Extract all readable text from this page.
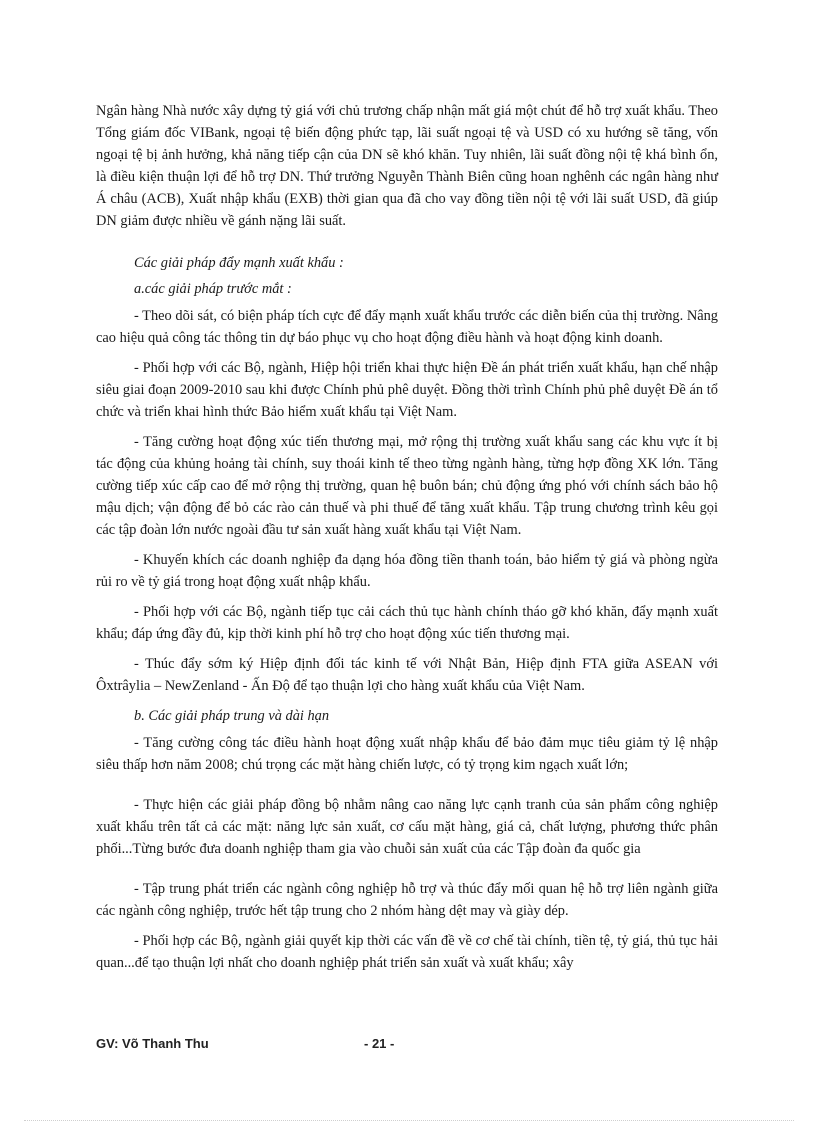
Ngân hàng Nhà nước xây dựng tỷ giá với chủ trương chấp nhận mất giá một chút để hỗ trợ xuất khẩu. Theo Tổng giám đốc VIBank, ngoại tệ biến động phức tạp, lãi suất ngoại tệ và USD có xu hướng sẽ tăng, vốn ngoại tệ bị ảnh hưởng, khả năng tiếp cận của DN sẽ khó khăn. Tuy nhiên, lãi suất đồng nội tệ khá bình ổn, là điều kiện thuận lợi để hỗ trợ DN. Thứ trưởng Nguyễn Thành Biên cũng hoan nghênh các ngân hàng như Á châu (ACB), Xuất nhập khẩu (EXB) thời gian qua đã cho vay đồng tiền nội tệ với lãi suất USD, đã giúp DN giảm được nhiều về gánh nặng lãi suất.

Các giải pháp đẩy mạnh xuất khẩu :

a.các giải pháp trước mắt :

- Theo dõi sát, có biện pháp tích cực để đẩy mạnh xuất khẩu trước các diễn biến của thị trường. Nâng cao hiệu quả công tác thông tin dự báo phục vụ cho hoạt động điều hành và hoạt động kinh doanh.

- Phối hợp với các Bộ, ngành, Hiệp hội triển khai thực hiện Đề án phát triển xuất khẩu, hạn chế nhập siêu giai đoạn 2009-2010 sau khi được Chính phủ phê duyệt. Đồng thời trình Chính phủ phê duyệt Đề án tổ chức và triển khai hình thức Bảo hiểm xuất khẩu tại Việt Nam.

- Tăng cường hoạt động xúc tiến thương mại, mở rộng thị trường xuất khẩu sang các khu vực ít bị tác động của khủng hoảng tài chính, suy thoái kinh tế theo từng ngành hàng, từng hợp đồng XK lớn. Tăng cường tiếp xúc cấp cao để mở rộng thị trường, quan hệ buôn bán; chủ động ứng phó với chính sách bảo hộ mậu dịch; vận động để bỏ các rào cản thuế và phi thuế để tăng xuất khẩu. Tập trung chương trình kêu gọi các tập đoàn lớn nước ngoài đầu tư sản xuất hàng xuất khẩu tại Việt Nam.

- Khuyến khích các doanh nghiệp đa dạng hóa đồng tiền thanh toán, bảo hiểm tỷ giá và phòng ngừa rủi ro về tỷ giá trong hoạt động xuất nhập khẩu.

- Phối hợp với các Bộ, ngành tiếp tục cải cách thủ tục hành chính tháo gỡ khó khăn, đẩy mạnh xuất khẩu; đáp ứng đầy đủ, kịp thời kinh phí hỗ trợ cho hoạt động xúc tiến thương mại.

- Thúc đẩy sớm ký Hiệp định đối tác kinh tế với Nhật Bản, Hiệp định FTA giữa ASEAN với Ôxtrâylia – NewZenland - Ấn Độ để tạo thuận lợi cho hàng xuất khẩu của Việt Nam.

b. Các giải pháp trung và dài hạn

- Tăng cường công tác điều hành hoạt động xuất nhập khẩu để bảo đảm mục tiêu giảm tỷ lệ nhập siêu thấp hơn năm 2008; chú trọng các mặt hàng chiến lược, có tỷ trọng kim ngạch xuất lớn;

- Thực hiện các giải pháp đồng bộ nhằm nâng cao năng lực cạnh tranh của sản phẩm công nghiệp xuất khẩu trên tất cả các mặt: năng lực sản xuất, cơ cấu mặt hàng, giá cả, chất lượng, phương thức phân phối...Từng bước đưa doanh nghiệp tham gia vào chuỗi sản xuất của các Tập đoàn đa quốc gia

- Tập trung phát triển các ngành công nghiệp hỗ trợ và thúc đẩy mối quan hệ hỗ trợ liên ngành giữa các ngành công nghiệp, trước hết tập trung cho 2 nhóm hàng dệt may và giày dép.

- Phối hợp các Bộ, ngành giải quyết kịp thời các vấn đề về cơ chế tài chính, tiền tệ, tỷ giá, thủ tục hải quan...để tạo thuận lợi nhất cho doanh nghiệp phát triển sản xuất và xuất khẩu; xây

GV: Võ Thanh Thu	- 21 -
